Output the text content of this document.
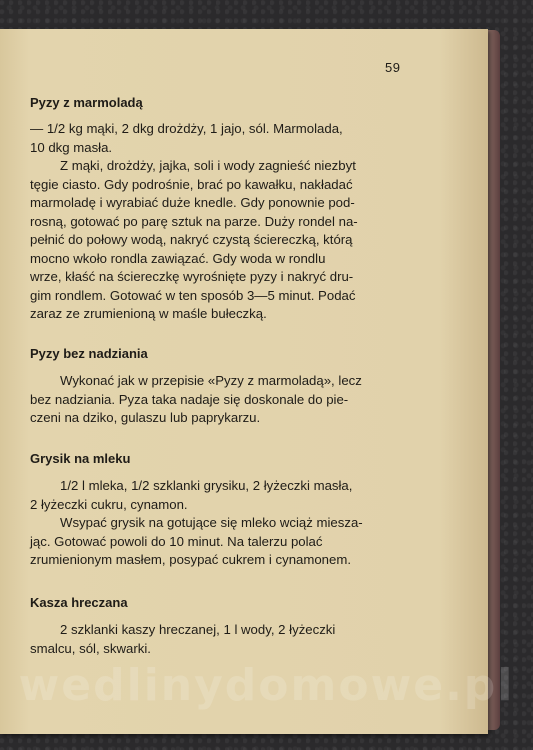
59
Pyzy z marmoladą

— 1/2 kg mąki, 2 dkg drożdży, 1 jajo, sól. Marmolada,
10 dkg masła.

Z mąki, drożdży, jajka, soli i wody zagnieść niezbyt
tęgie ciasto. Gdy podrośnie, brać po kawałku, nakładać
marmoladę i wyrabiać duże knedle. Gdy ponownie pod-
rosną, gotować po parę sztuk na parze. Duży rondel na-
pełnić do połowy wodą, nakryć czystą ściereczką, którą
mocno wkoło rondla zawiązać. Gdy woda w rondlu
wrze, kłaść na ściereczkę wyrośnięte pyzy i nakryć dru-
gim rondlem. Gotować w ten sposób 3—5 minut. Podać
zaraz ze zrumienioną w maśle bułeczką.

Pyzy bez nadziania

Wykonać jak w przepisie «Pyzy z marmoladą», lecz
bez nadziania. Pyza taka nadaje się doskonale do pie-
czeni na dziko, gulaszu lub paprykarzu.

Grysik na mleku

1/2 l mleka, 1/2 szklanki grysiku, 2 łyżeczki masła,
2 łyżeczki cukru, cynamon.

Wsypać grysik na gotujące się mleko wciąż mieszа-
jąc. Gotować powoli do 10 minut. Na talerzu polać
zrumienionym masłem, posypać cukrem i cynamonem.

Kasza hreczana

2 szklanki kaszy hreczanej, 1 l wody, 2 łyżeczki
smalcu, sól, skwarki.

wedlinydomowe.pl
